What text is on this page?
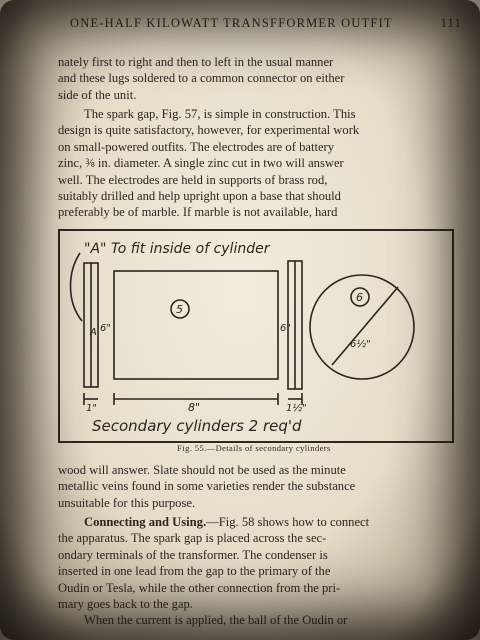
ONE-HALF KILOWATT TRANSFFORMER OUTFIT	111
nately first to right and then to left in the usual manner
and these lugs soldered to a common connector on either
side of the unit.
The spark gap, Fig. 57, is simple in construction. This
design is quite satisfactory, however, for experimental work
on small-powered outfits. The electrodes are of battery
zinc, ⅜ in. diameter. A single zinc cut in two will answer
well. The electrodes are held in supports of brass rod,
suitably drilled and help upright upon a base that should
preferably be of marble. If marble is not available, hard
"A" To fit inside of cylinder
5
6
6"
A	6"
1"	8"	1½"
6½"
Secondary cylinders 2 req'd
Fig. 55.—Details of secondary cylinders
wood will answer. Slate should not be used as the minute
metallic veins found in some varieties render the substance
unsuitable for this purpose.
Connecting and Using.—Fig. 58 shows how to connect
the apparatus. The spark gap is placed across the sec-
ondary terminals of the transformer. The condenser is
inserted in one lead from the gap to the primary of the
Oudin or Tesla, while the other connection from the pri-
mary goes back to the gap.
When the current is applied, the ball of the Oudin or
